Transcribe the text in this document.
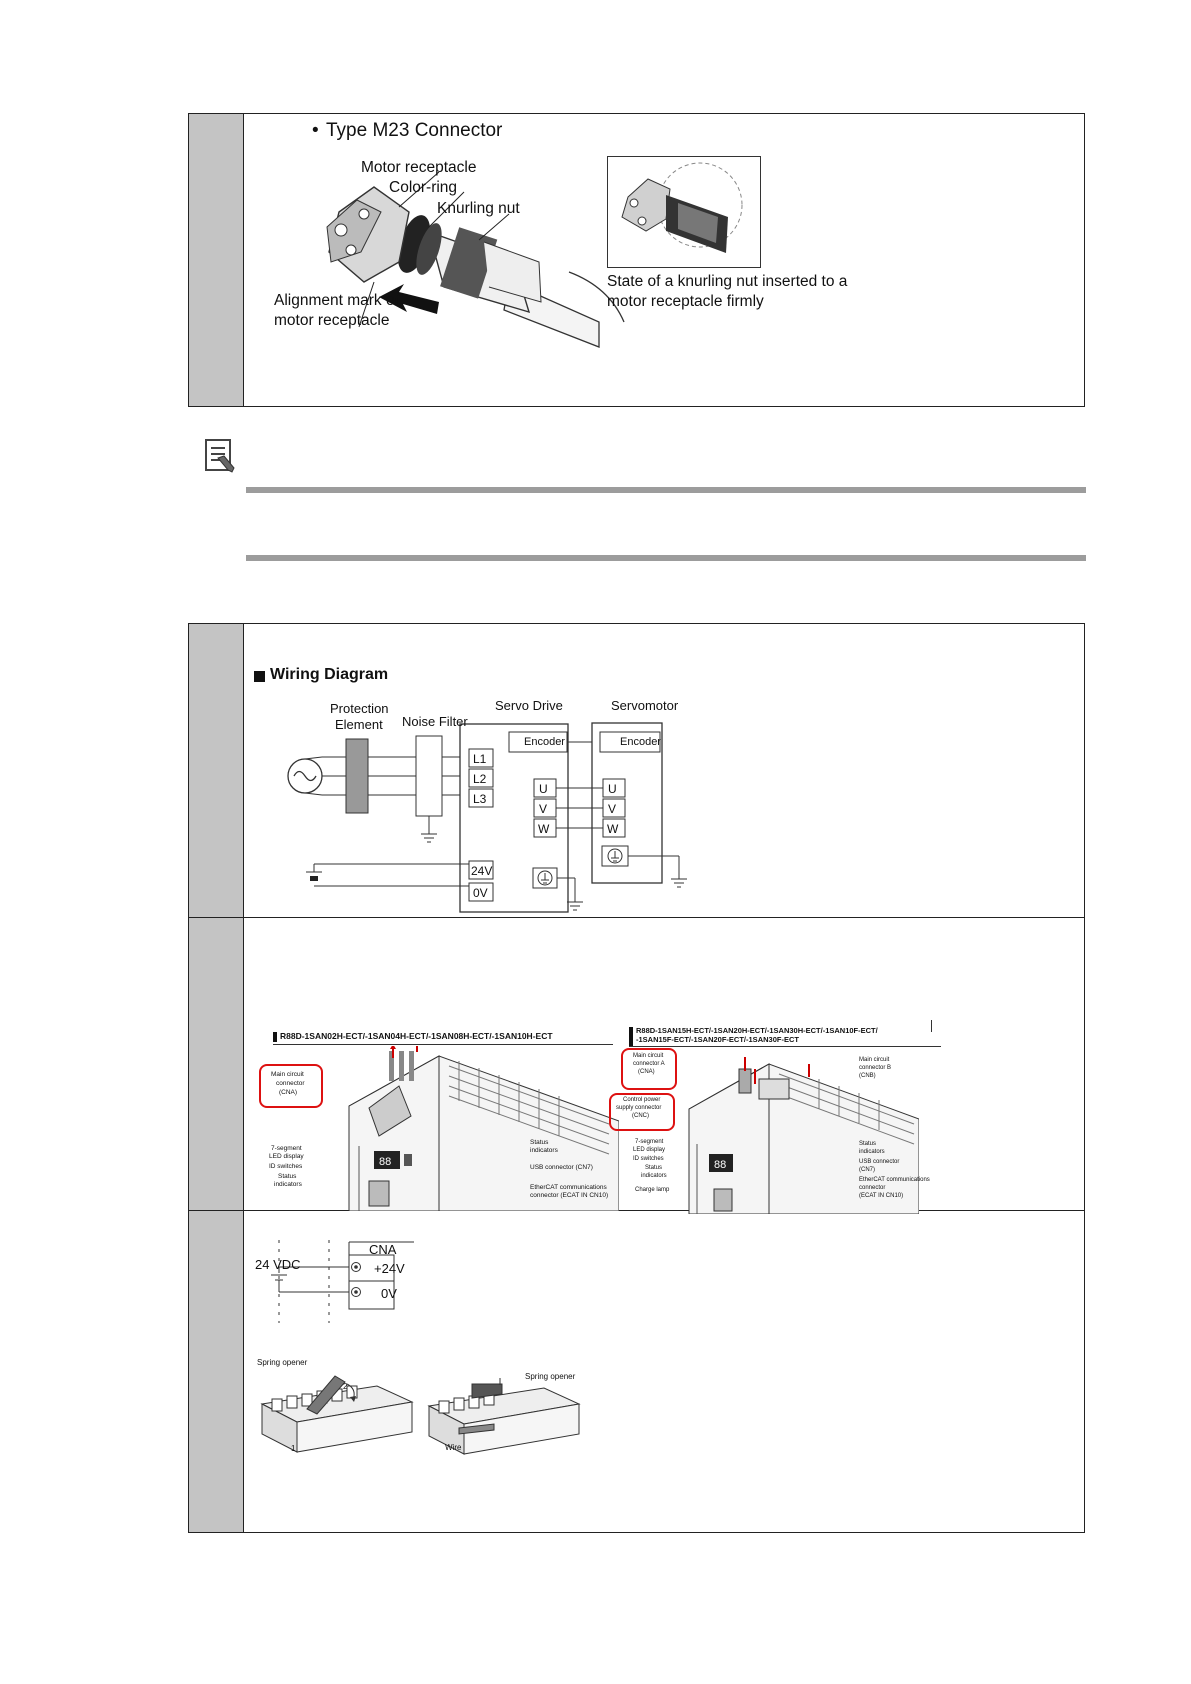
• Type M23 Connector
Motor receptacle
Color-ring
Knurling nut
Alignment mark of
motor receptacle
State of a knurling nut inserted to a
motor receptacle firmly
Wiring Diagram
Protection
Element Noise Filter
Servo Drive	Servomotor
Encoder	Encoder
L1
L2
L3
U
V
W
U
V
W
24V
0V
R88D-1SAN02H-ECT/-1SAN04H-ECT/-1SAN08H-ECT/-1SAN10H-ECT
88
Main circuit
connector
(CNA)
7-segment
LED display
ID switches
Status
indicators
Status
indicators
USB connector (CN7)
EtherCAT communications
connector (ECAT IN CN10)
R88D-1SAN15H-ECT/-1SAN20H-ECT/-1SAN30H-ECT/-1SAN10F-ECT/
-1SAN15F-ECT/-1SAN20F-ECT/-1SAN30F-ECT
88
Main circuit
connector A
(CNA)
Control power
supply connector
(CNC)
Main circuit
connector B
(CNB)
7-segment
LED display
ID switches
Status
indicators
Charge lamp
Status
indicators
USB connector
(CN7)
EtherCAT communications
connector
(ECAT IN CN10)
24 VDC
CNA
+24V
0V
Spring opener
2
1
Spring opener
Wire
